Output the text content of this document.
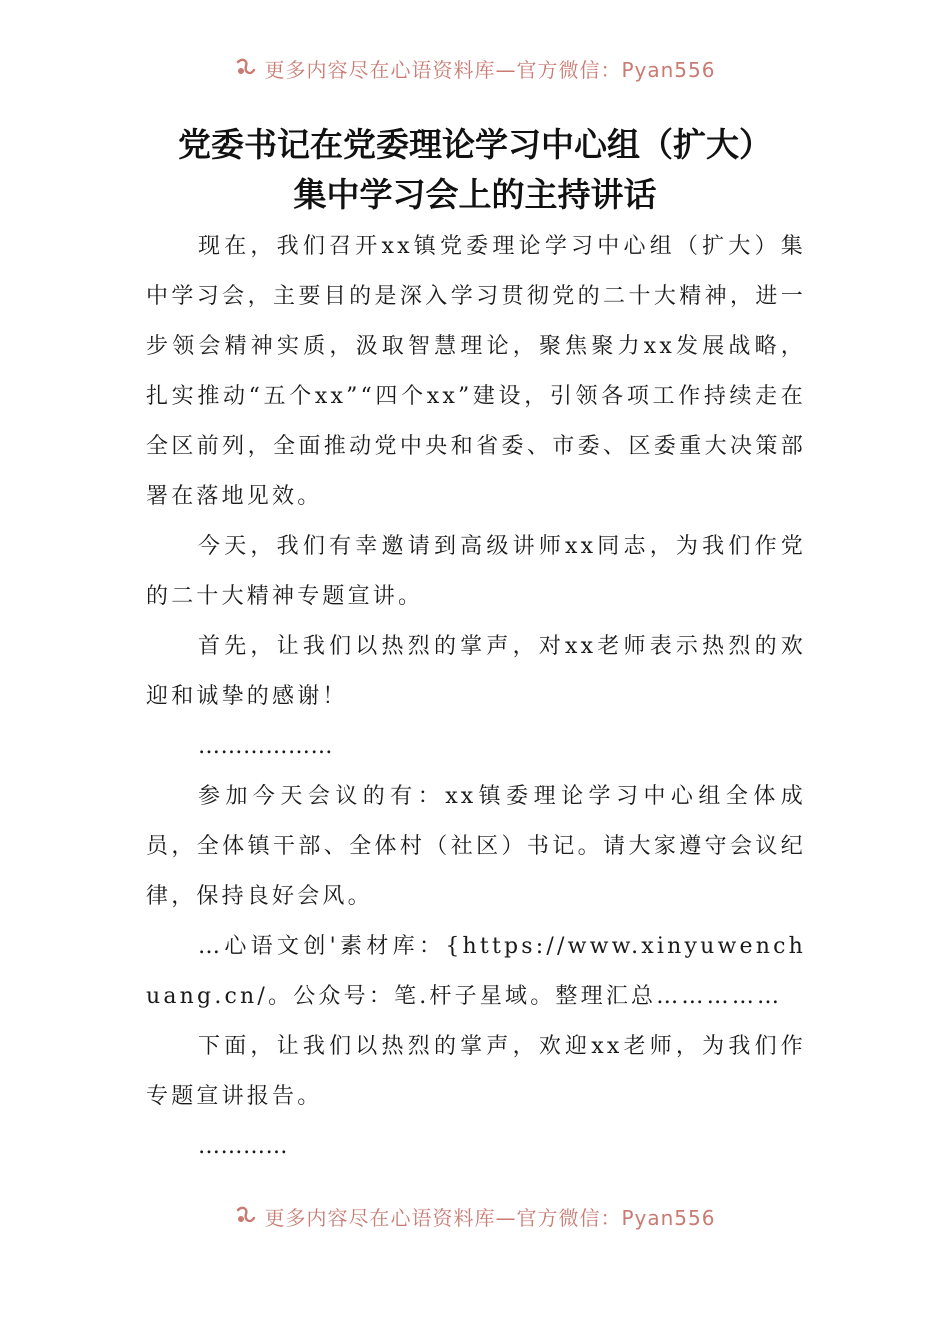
更多内容尽在心语资料库—官方微信：Pyan556
党委书记在党委理论学习中心组（扩大）
集中学习会上的主持讲话

现在，我们召开xx镇党委理论学习中心组（扩大）集中学习会，主要目的是深入学习贯彻党的二十大精神，进一步领会精神实质，汲取智慧理论，聚焦聚力xx发展战略，扎实推动“五个xx”“四个xx”建设，引领各项工作持续走在全区前列，全面推动党中央和省委、市委、区委重大决策部署在落地见效。

今天，我们有幸邀请到高级讲师xx同志，为我们作党的二十大精神专题宣讲。

首先，让我们以热烈的掌声，对xx老师表示热烈的欢迎和诚挚的感谢！

………………

参加今天会议的有：xx镇委理论学习中心组全体成员，全体镇干部、全体村（社区）书记。请大家遵守会议纪律，保持良好会风。

…心语文创'素材库：{https://www.xinyuwenchuang.cn/。公众号：笔.杆子星域。整理汇总……………

下面，让我们以热烈的掌声，欢迎xx老师，为我们作专题宣讲报告。

…………

更多内容尽在心语资料库—官方微信：Pyan556
